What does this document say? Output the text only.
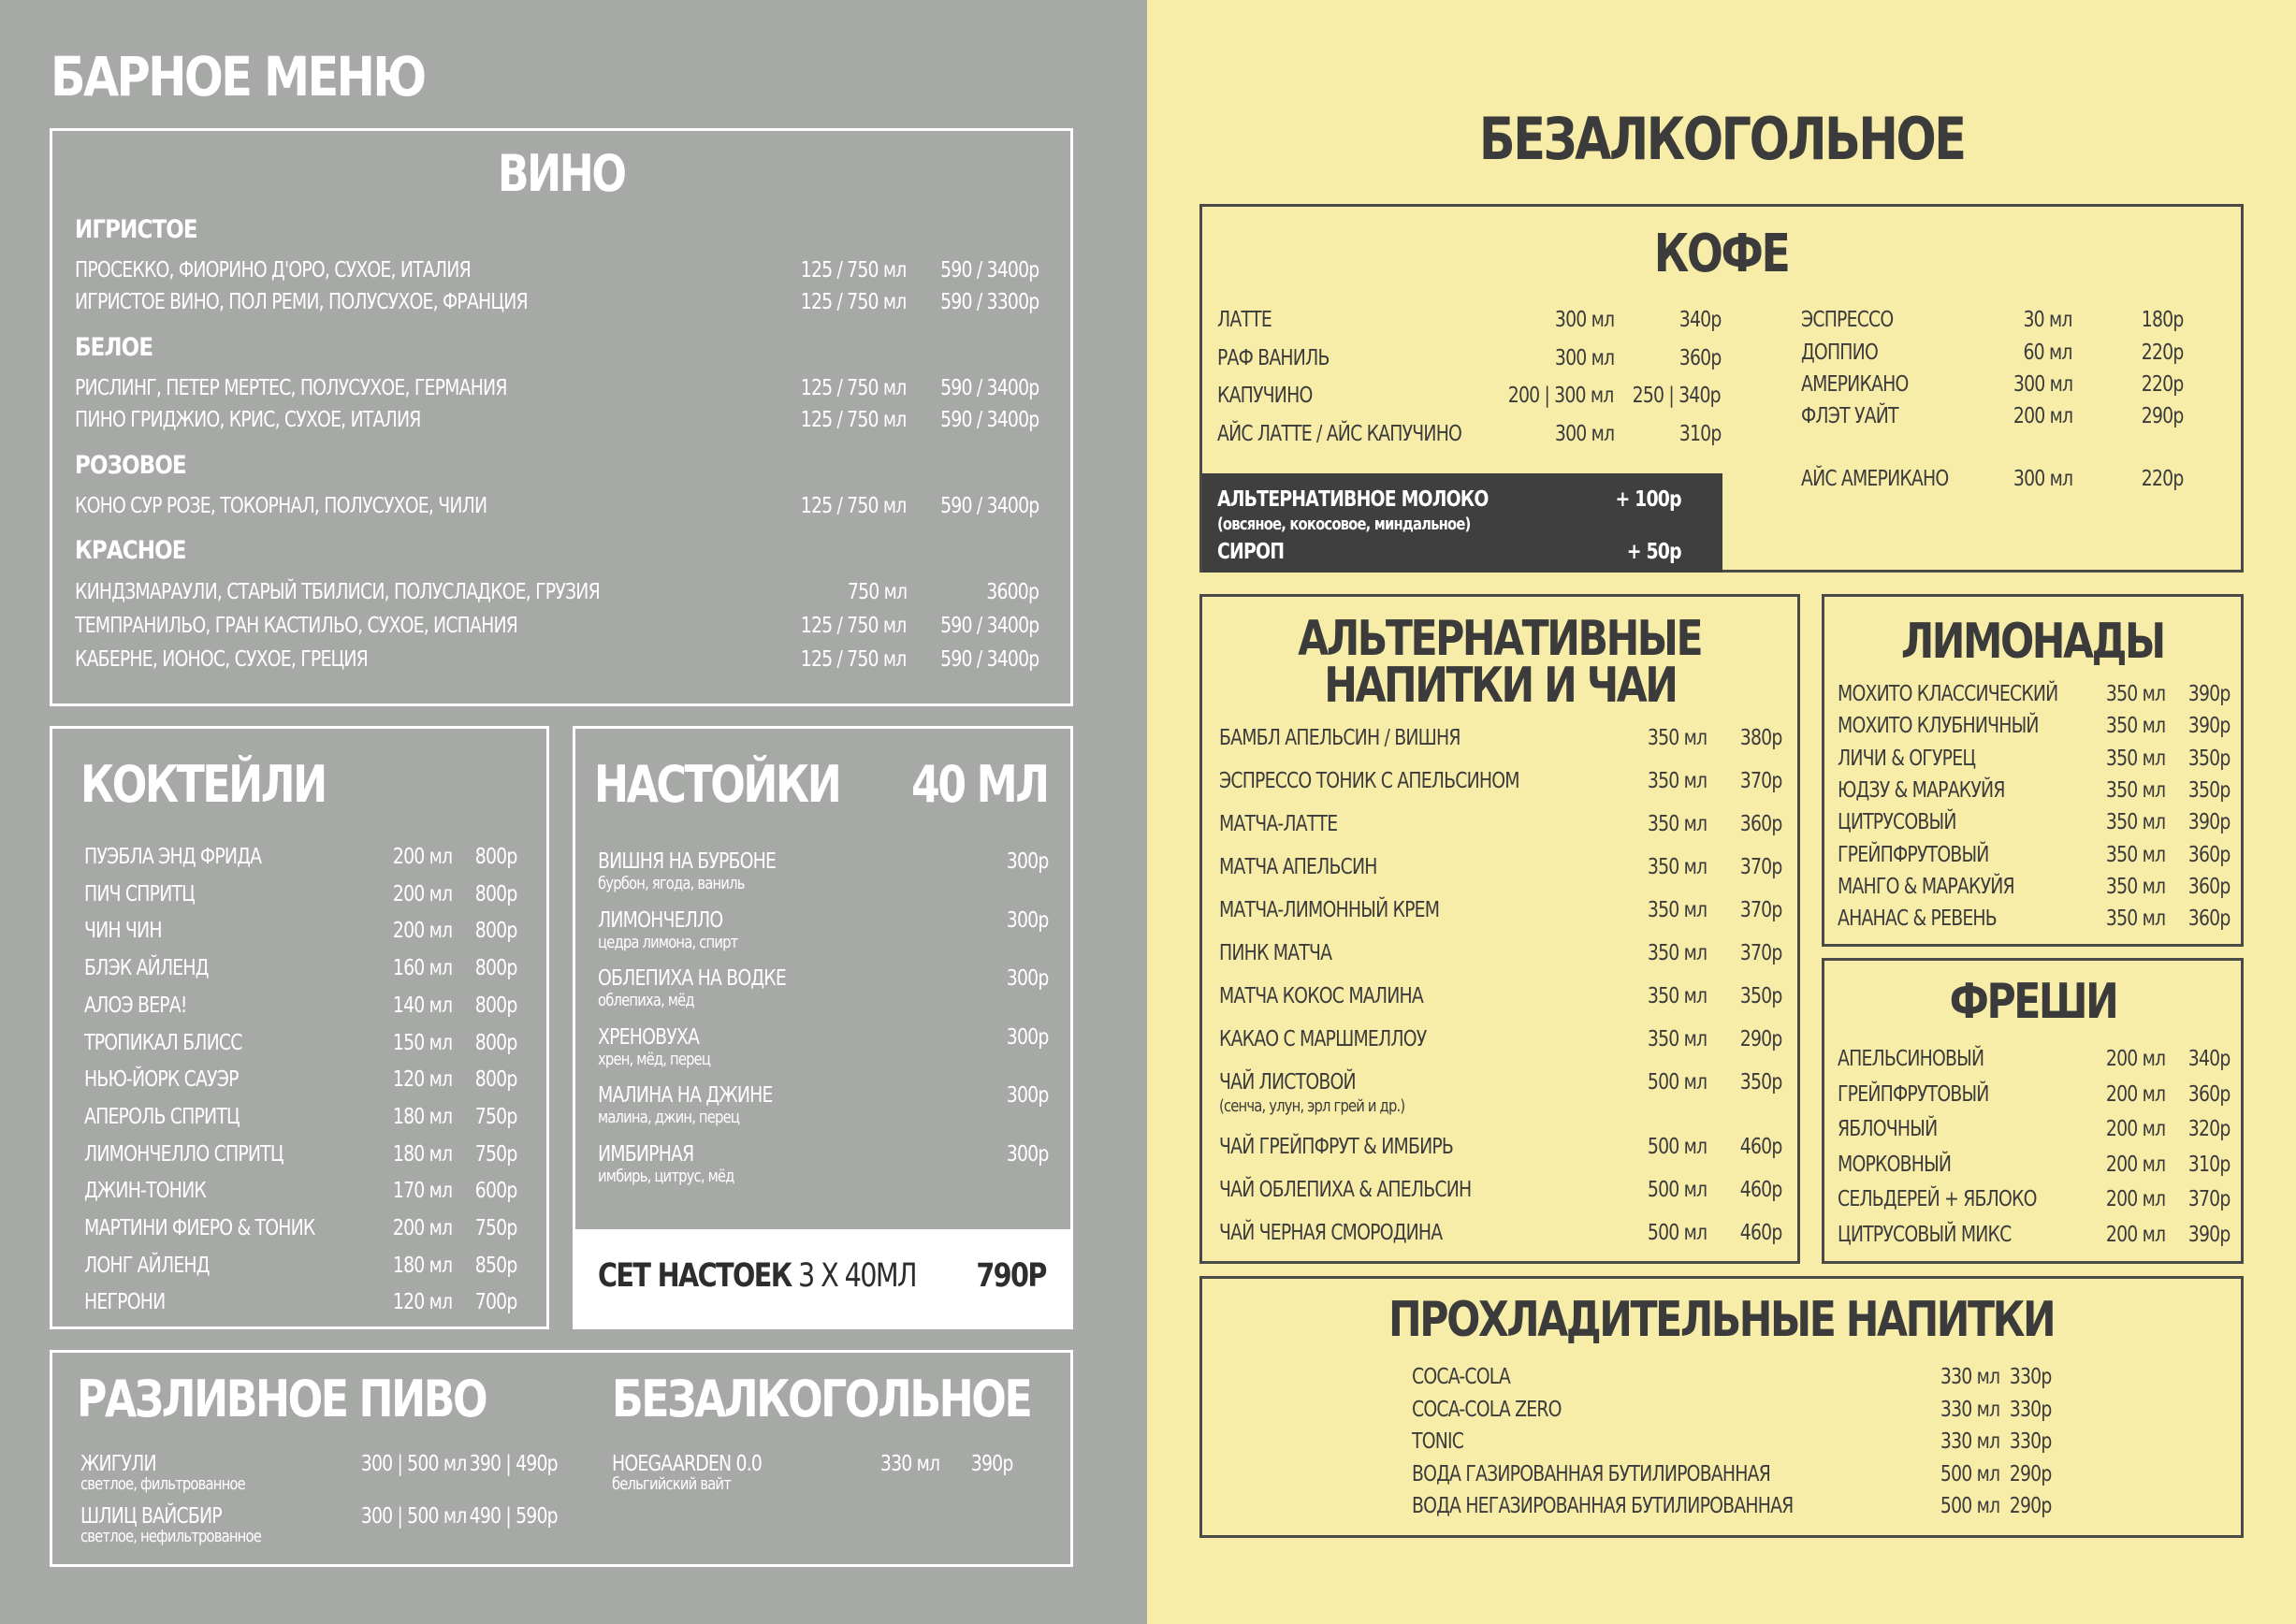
БАРНОЕ МЕНЮ
ВИНО
ИГРИСТОЕ
ПРОСЕККО, ФИОРИНО Д'ОРО, СУХОЕ, ИТАЛИЯ	125 / 750 мл 590 / 3400р
ИГРИСТОЕ ВИНО, ПОЛ РЕМИ, ПОЛУСУХОЕ, ФРАНЦИЯ	125 / 750 мл 590 / 3300р
БЕЛОЕ
РИСЛИНГ, ПЕТЕР МЕРТЕС, ПОЛУСУХОЕ, ГЕРМАНИЯ	125 / 750 мл 590 / 3400р
ПИНО ГРИДЖИО, КРИС, СУХОЕ, ИТАЛИЯ	125 / 750 мл 590 / 3400р
РОЗОВОЕ
КОНО СУР РОЗЕ, ТОКОРНАЛ, ПОЛУСУХОЕ, ЧИЛИ	125 / 750 мл 590 / 3400р
КРАСНОЕ
КИНДЗМАРАУЛИ, СТАРЫЙ ТБИЛИСИ, ПОЛУСЛАДКОЕ, ГРУЗИЯ	750 мл	3600р
ТЕМПРАНИЛЬО, ГРАН КАСТИЛЬО, СУХОЕ, ИСПАНИЯ	125 / 750 мл 590 / 3400р
КАБЕРНЕ, ИОНОС, СУХОЕ, ГРЕЦИЯ	125 / 750 мл 590 / 3400р
КОКТЕЙЛИ
ПУЭБЛА ЭНД ФРИДА	200 мл 800р
ПИЧ СПРИТЦ	200 мл 800р
ЧИН ЧИН	200 мл 800р
БЛЭК АЙЛЕНД	160 мл 800р
АЛОЭ ВЕРА!	140 мл 800р
ТРОПИКАЛ БЛИСС	150 мл 800р
НЬЮ-ЙОРК САУЭР	120 мл 800р
АПЕРОЛЬ СПРИТЦ	180 мл 750р
ЛИМОНЧЕЛЛО СПРИТЦ	180 мл 750р
ДЖИН-ТОНИК	170 мл 600р
МАРТИНИ ФИЕРО & ТОНИК	200 мл 750р
ЛОНГ АЙЛЕНД	180 мл 850р
НЕГРОНИ	120 мл 700р
НАСТОЙКИ 40 МЛ
ВИШНЯ НА БУРБОНЕ	300р
бурбон, ягода, ваниль
ЛИМОНЧЕЛЛО	300р
цедра лимона, спирт
ОБЛЕПИХА НА ВОДКЕ	300р
облепиха, мёд
ХРЕНОВУХА	300р
хрен, мёд, перец
МАЛИНА НА ДЖИНЕ	300р
малина, джин, перец
ИМБИРНАЯ	300р
имбирь, цитрус, мёд
СЕТ НАСТОЕК 3 Х 40МЛ 790Р
РАЗЛИВНОЕ ПИВО БЕЗАЛКОГОЛЬНОЕ
ЖИГУЛИ	300 | 500 мл 390 | 490р
светлое, фильтрованное
ШЛИЦ ВАЙСБИР	300 | 500 мл 490 | 590р
светлое, нефильтрованное
HOEGAARDEN 0.0	330 мл 390р
бельгийский вайт
БЕЗАЛКОГОЛЬНОЕ
КОФЕ
ЛАТТЕ	300 мл	340р
РАФ ВАНИЛЬ	300 мл	360р
КАПУЧИНО	200 | 300 мл 250 | 340р
АЙС ЛАТТЕ / АЙС КАПУЧИНО	300 мл	310р
ЭСПРЕССО	30 мл	180р
ДОППИО	60 мл	220р
АМЕРИКАНО	300 мл	220р
ФЛЭТ УАЙТ	200 мл	290р
АЙС АМЕРИКАНО	300 мл	220р
АЛЬТЕРНАТИВНОЕ МОЛОКО	+ 100р
(овсяное, кокосовое, миндальное)
СИРОП	+ 50р
АЛЬТЕРНАТИВНЫЕ
НАПИТКИ И ЧАИ
БАМБЛ АПЕЛЬСИН / ВИШНЯ	350 мл 380р
ЭСПРЕССО ТОНИК С АПЕЛЬСИНОМ	350 мл 370р
МАТЧА-ЛАТТЕ	350 мл 360р
МАТЧА АПЕЛЬСИН	350 мл 370р
МАТЧА-ЛИМОННЫЙ КРЕМ	350 мл 370р
ПИНК МАТЧА	350 мл 370р
МАТЧА КОКОС МАЛИНА	350 мл 350р
КАКАО С МАРШМЕЛЛОУ	350 мл 290р
ЧАЙ ЛИСТОВОЙ	500 мл 350р
(сенча, улун, эрл грей и др.)
ЧАЙ ГРЕЙПФРУТ & ИМБИРЬ	500 мл 460р
ЧАЙ ОБЛЕПИХА & АПЕЛЬСИН	500 мл 460р
ЧАЙ ЧЕРНАЯ СМОРОДИНА	500 мл 460р
ЛИМОНАДЫ
МОХИТО КЛАССИЧЕСКИЙ 350 мл 390р
МОХИТО КЛУБНИЧНЫЙ	350 мл 390р
ЛИЧИ & ОГУРЕЦ	350 мл 350р
ЮДЗУ & МАРАКУЙЯ	350 мл 350р
ЦИТРУСОВЫЙ	350 мл 390р
ГРЕЙПФРУТОВЫЙ	350 мл 360р
МАНГО & МАРАКУЙЯ	350 мл 360р
АНАНАС & РЕВЕНЬ	350 мл 360р
ФРЕШИ
АПЕЛЬСИНОВЫЙ	200 мл 340р
ГРЕЙПФРУТОВЫЙ	200 мл 360р
ЯБЛОЧНЫЙ	200 мл 320р
МОРКОВНЫЙ	200 мл 310р
СЕЛЬДЕРЕЙ + ЯБЛОКО	200 мл 370р
ЦИТРУСОВЫЙ МИКС	200 мл 390р
ПРОХЛАДИТЕЛЬНЫЕ НАПИТКИ
COCA-COLA	330 мл 330р
COCA-COLA ZERO	330 мл 330р
TONIC	330 мл 330р
ВОДА ГАЗИРОВАННАЯ БУТИЛИРОВАННАЯ	500 мл 290р
ВОДА НЕГАЗИРОВАННАЯ БУТИЛИРОВАННАЯ	500 мл 290р
